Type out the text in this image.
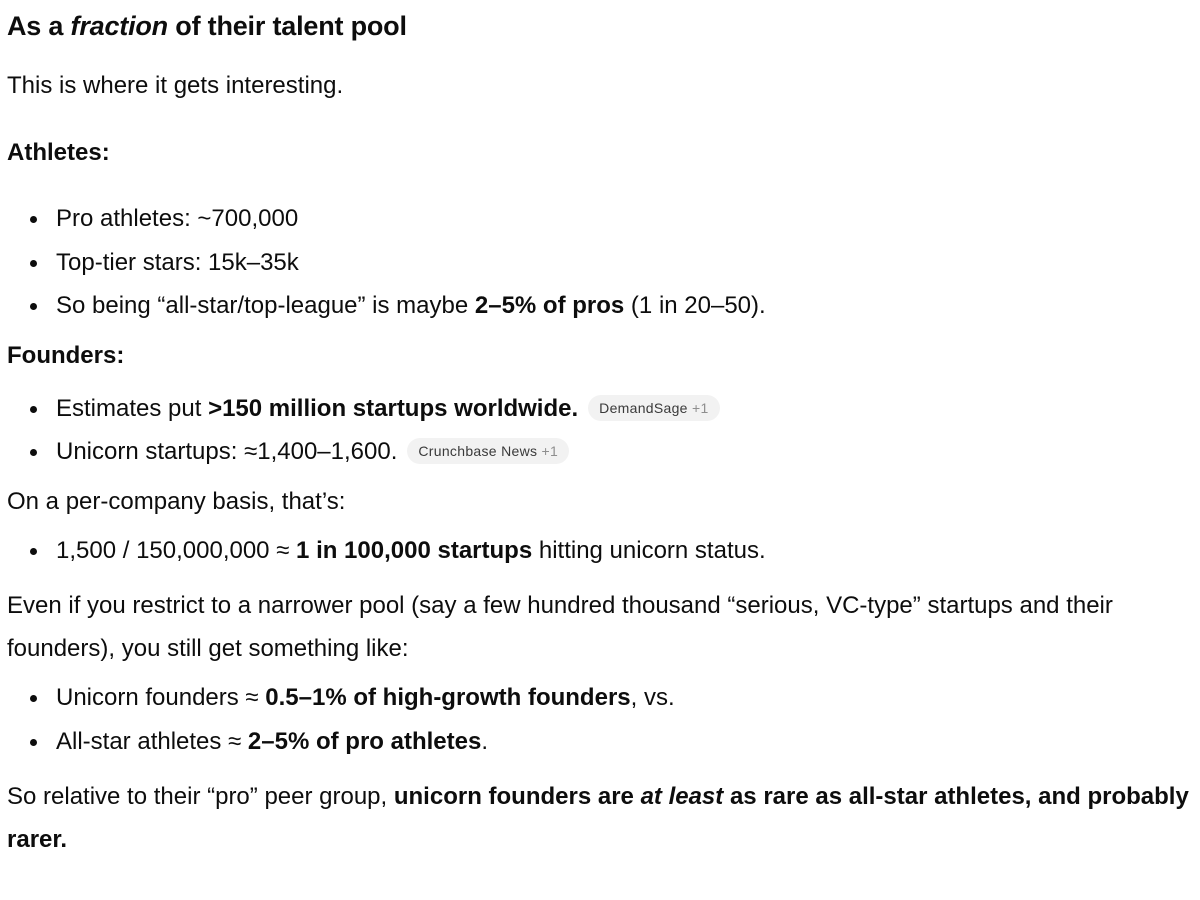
As a fraction of their talent pool

This is where it gets interesting.

Athletes:

Pro athletes: ~700,000
Top-tier stars: 15k–35k
So being “all-star/top-league” is maybe 2–5% of pros (1 in 20–50).

Founders:

Estimates put >150 million startups worldwide. DemandSage +1
Unicorn startups: ≈1,400–1,600. Crunchbase News +1

On a per-company basis, that’s:

1,500 / 150,000,000 ≈ 1 in 100,000 startups hitting unicorn status.

Even if you restrict to a narrower pool (say a few hundred thousand “serious, VC-type” startups and their founders), you still get something like:

Unicorn founders ≈ 0.5–1% of high-growth founders, vs.
All-star athletes ≈ 2–5% of pro athletes.

So relative to their “pro” peer group, unicorn founders are at least as rare as all-star athletes, and probably rarer.
